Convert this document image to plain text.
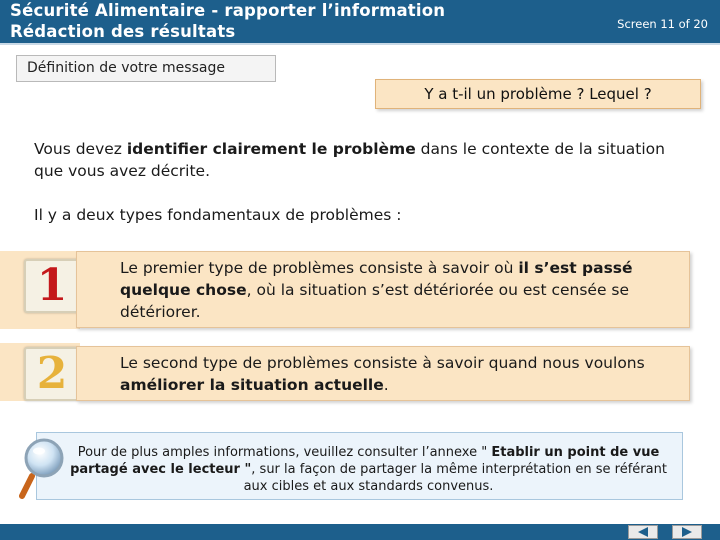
Sécurité Alimentaire - rapporter l’information
Rédaction des résultats	Screen 11 of 20
Définition de votre message
Y a t-il un problème ? Lequel ?
Vous devez identifier clairement le problème dans le contexte de la situation que vous avez décrite.
Il y a deux types fondamentaux de problèmes :
1	Le premier type de problèmes consiste à savoir où il s’est passé quelque chose, où la situation s’est détériorée ou est censée se détériorer.
2	Le second type de problèmes consiste à savoir quand nous voulons améliorer la situation actuelle.
Pour de plus amples informations, veuillez consulter l’annexe " Etablir un point de vue partagé avec le lecteur ", sur la façon de partager la même interprétation en se référant aux cibles et aux standards convenus.
